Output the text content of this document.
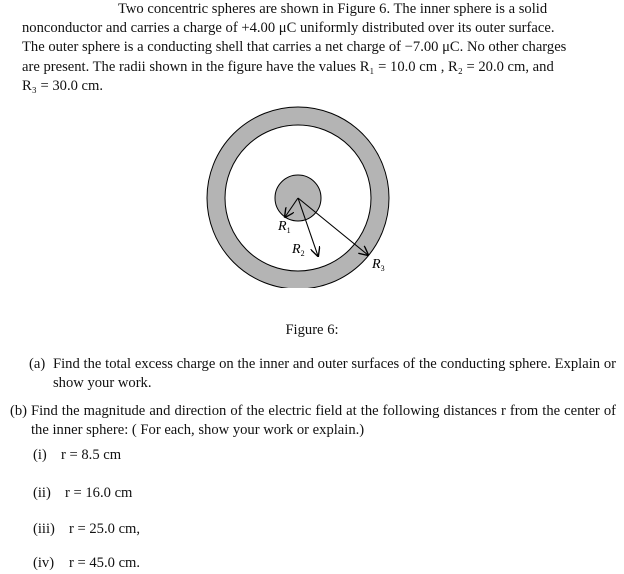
Two concentric spheres are shown in Figure 6. The inner sphere is a solid
nonconductor and carries a charge of +4.00 μC uniformly distributed over its outer surface.
The outer sphere is a conducting shell that carries a net charge of −7.00 μC. No other charges
are present. The radii shown in the figure have the values R₁ = 10.0 cm , R₂ = 20.0 cm, and
R₃ = 30.0 cm.
$R_1$
$R_2$
$R_3$
Figure 6:
(a) Find the total excess charge on the inner and outer surfaces of the conducting sphere. Explain or show your work.
(b) Find the magnitude and direction of the electric field at the following distances r from the center of the inner sphere: ( For each, show your work or explain.)
(i) r = 8.5 cm
(ii) r = 16.0 cm
(iii) r = 25.0 cm,
(iv) r = 45.0 cm.
